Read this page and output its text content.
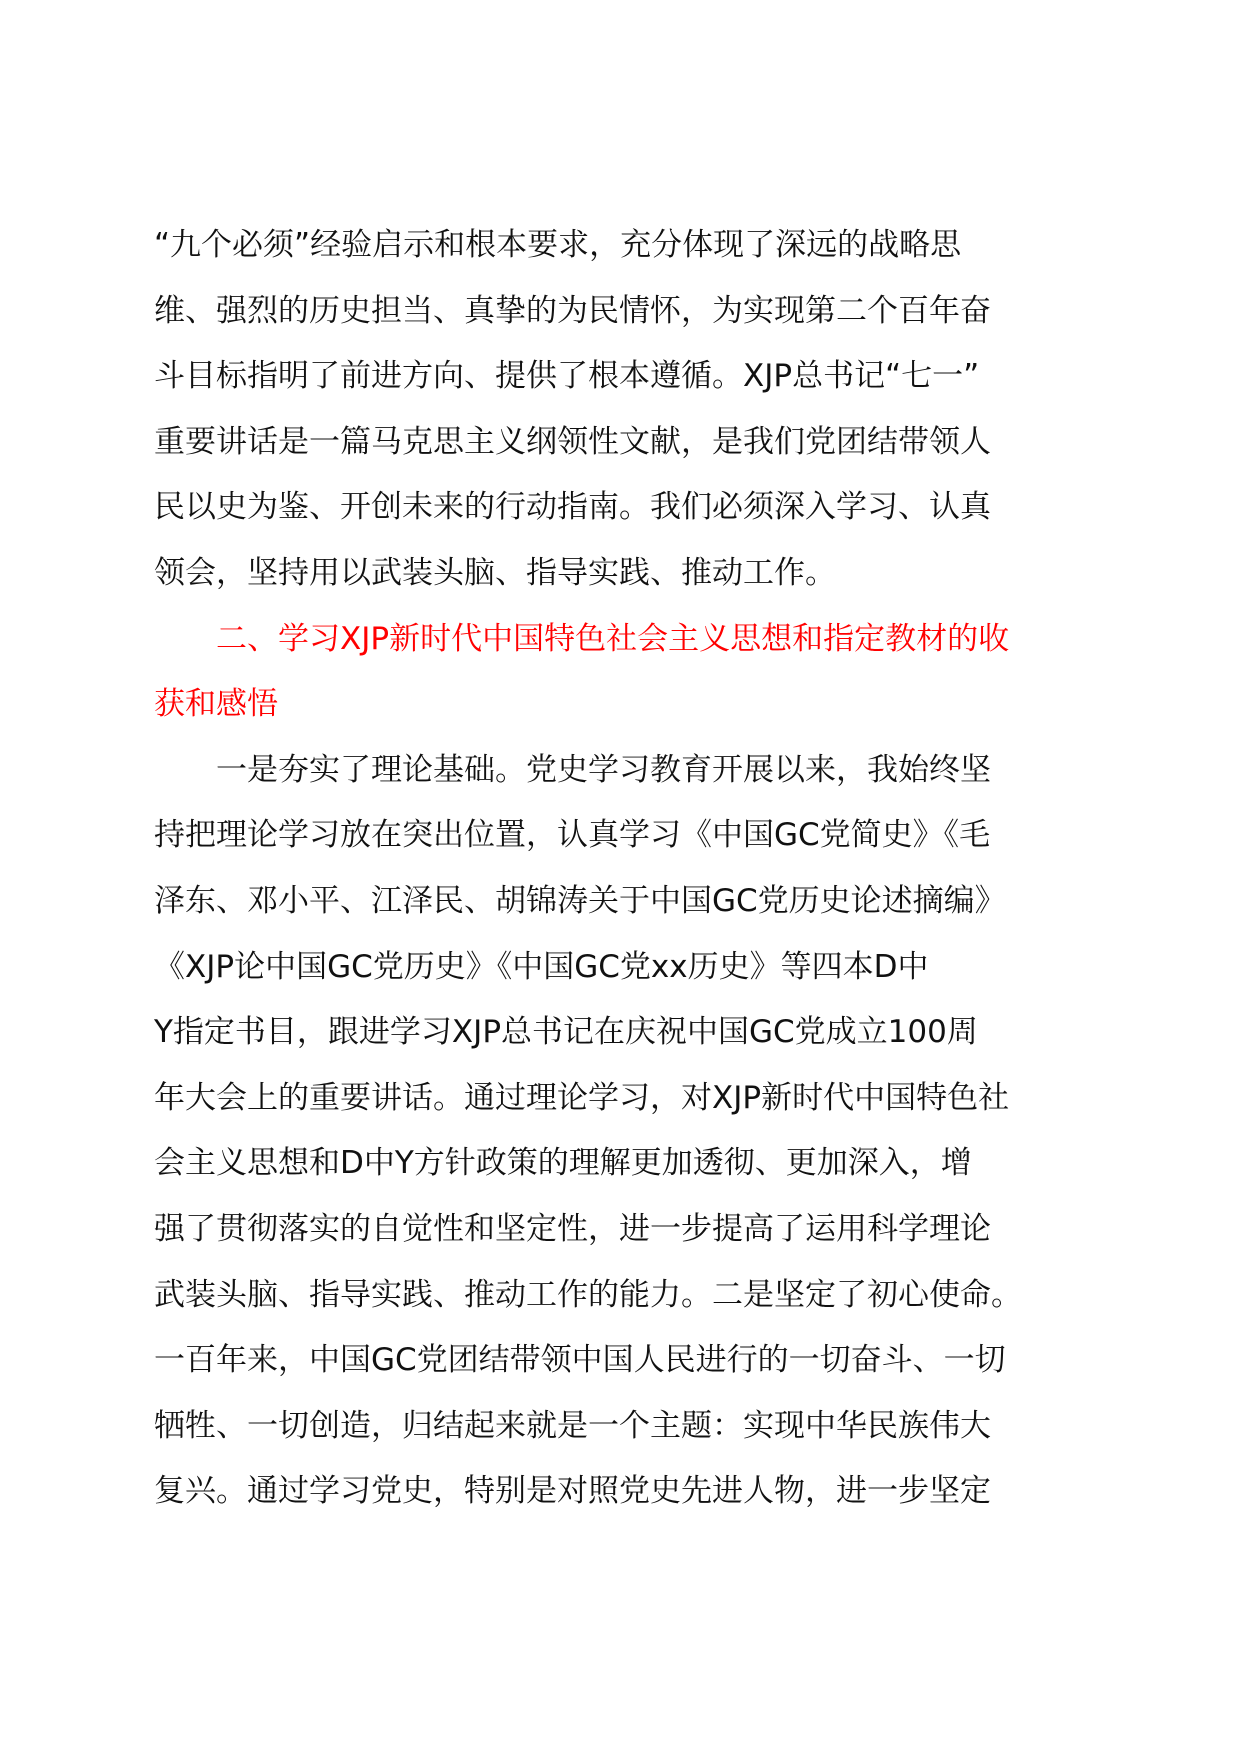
“九个必须”经验启示和根本要求，充分体现了深远的战略思
维、强烈的历史担当、真挚的为民情怀，为实现第二个百年奋
斗目标指明了前进方向、提供了根本遵循。XJP总书记“七一”
重要讲话是一篇马克思主义纲领性文献，是我们党团结带领人
民以史为鉴、开创未来的行动指南。我们必须深入学习、认真
领会，坚持用以武装头脑、指导实践、推动工作。
　　二、学习XJP新时代中国特色社会主义思想和指定教材的收
获和感悟
　　一是夯实了理论基础。党史学习教育开展以来，我始终坚
持把理论学习放在突出位置，认真学习《中国GC党简史》《毛
泽东、邓小平、江泽民、胡锦涛关于中国GC党历史论述摘编》
《XJP论中国GC党历史》《中国GC党xx历史》等四本D中
Y指定书目，跟进学习XJP总书记在庆祝中国GC党成立100周
年大会上的重要讲话。通过理论学习，对XJP新时代中国特色社
会主义思想和D中Y方针政策的理解更加透彻、更加深入，增
强了贯彻落实的自觉性和坚定性，进一步提高了运用科学理论
武装头脑、指导实践、推动工作的能力。二是坚定了初心使命。
一百年来，中国GC党团结带领中国人民进行的一切奋斗、一切
牺牲、一切创造，归结起来就是一个主题：实现中华民族伟大
复兴。通过学习党史，特别是对照党史先进人物，进一步坚定
